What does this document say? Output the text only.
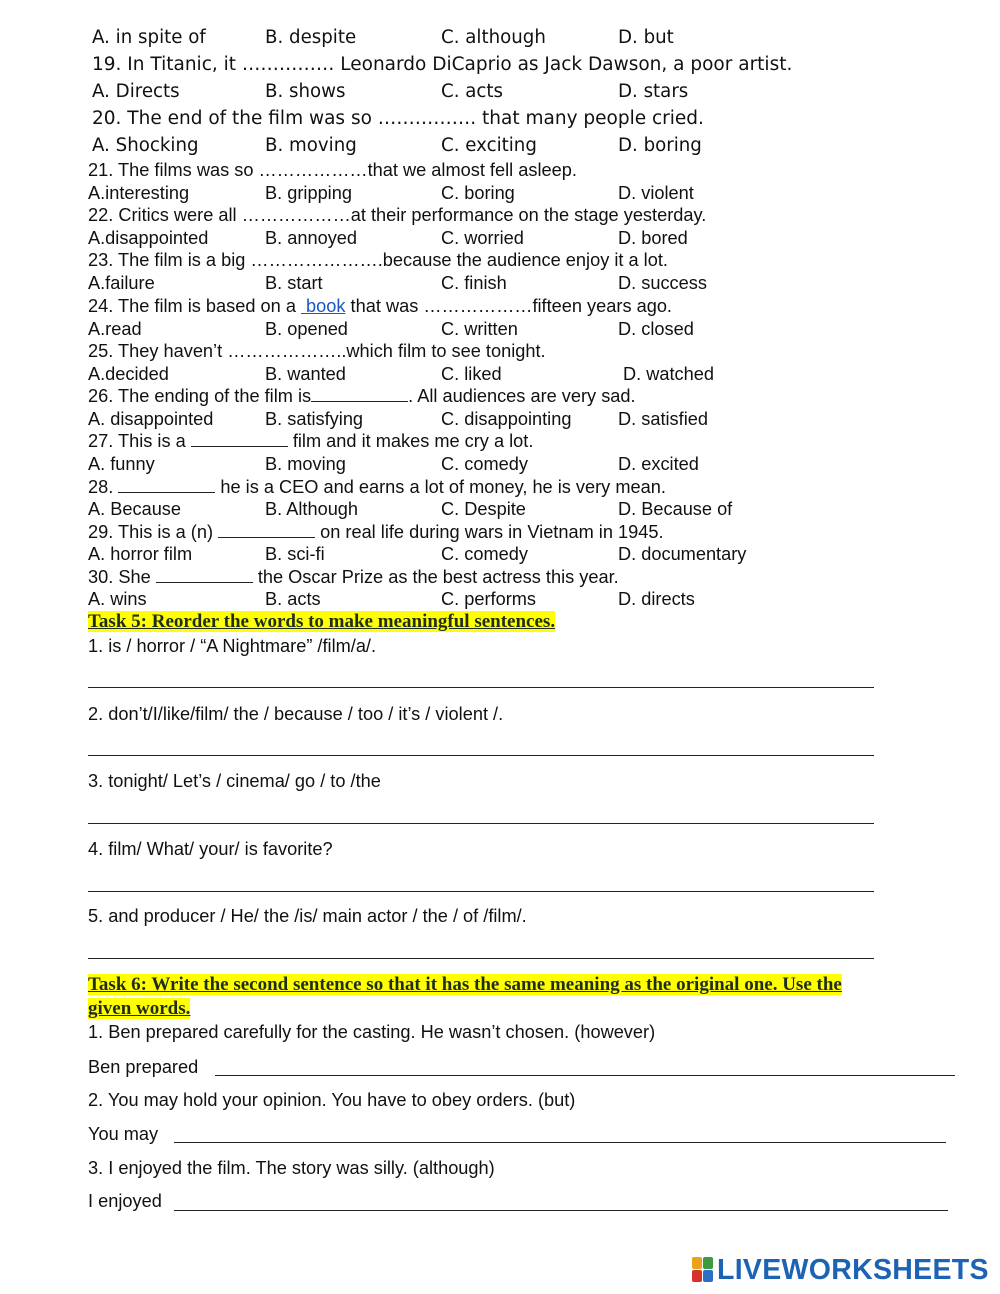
A. in spite of	B. despite	C. although	D. but
19. In Titanic, it …………… Leonardo DiCaprio as Jack Dawson, a poor artist.
A. Directs	B. shows	C. acts	D. stars
20. The end of the film was so ……………. that many people cried.
A. Shocking	B. moving	C. exciting	D. boring
21. The films was so ………………that we almost fell asleep.
A.interesting	B. gripping	C. boring	D. violent
22. Critics were all ………………at their performance on the stage yesterday.
A.disappointed	B. annoyed	C. worried	D. bored
23. The film is a big ………………….because the audience enjoy it a lot.
A.failure	B. start	C. finish	D. success
24. The film is based on a  book that was ………………fifteen years ago.
A.read	B. opened	C. written	D. closed
25. They haven’t ………………..which film to see tonight.
A.decided	B. wanted	C. liked	D. watched
26. The ending of the film is	. All audiences are very sad.
A. disappointed	B. satisfying	C. disappointing	D. satisfied
27. This is a	film and it makes me cry a lot.
A. funny	B. moving	C. comedy	D. excited
28.	he is a CEO and earns a lot of money, he is very mean.
A. Because	B. Although	C. Despite	D. Because of
29. This is a (n)	on real life during wars in Vietnam in 1945.
A. horror film	B. sci-fi	C. comedy	D. documentary
30. She	the Oscar Prize as the best actress this year.
A. wins	B. acts	C. performs	D. directs
Task 5: Reorder the words to make meaningful sentences.
1. is / horror / “A Nightmare” /film/a/.
2. don’t/I/like/film/ the / because / too / it’s / violent /.
3. tonight/ Let’s / cinema/ go / to /the
4. film/ What/ your/ is favorite?
5. and producer / He/ the /is/ main actor / the / of /film/.
Task 6: Write the second sentence so that it has the same meaning as the original one. Use the
given words.
1. Ben prepared carefully for the casting. He wasn’t chosen. (however)
Ben prepared
2. You may hold your opinion. You have to obey orders. (but)
You may
3. I enjoyed the film. The story was silly. (although)
I enjoyed
LIVEWORKSHEETS
